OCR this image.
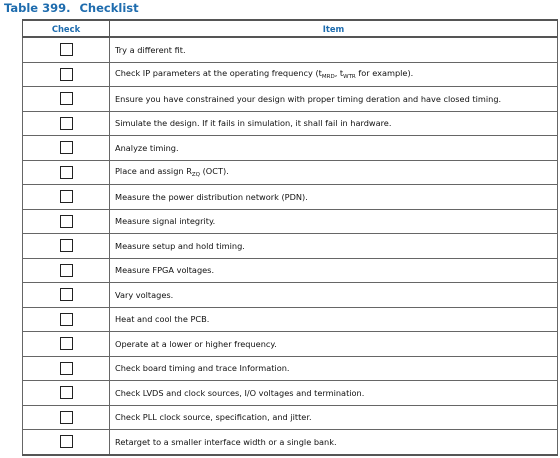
Table 399. Checklist
Check	Item
	Try a different fit.
	Check IP parameters at the operating frequency ($t_{MRD}$, $t_{WTR}$ for example).
	Ensure you have constrained your design with proper timing deration and have closed timing.
	Simulate the design. If it fails in simulation, it shall fail in hardware.
	Analyze timing.
	Place and assign $R_{ZQ}$ (OCT).
	Measure the power distribution network (PDN).
	Measure signal integrity.
	Measure setup and hold timing.
	Measure FPGA voltages.
	Vary voltages.
	Heat and cool the PCB.
	Operate at a lower or higher frequency.
	Check board timing and trace Information.
	Check LVDS and clock sources, I/O voltages and termination.
	Check PLL clock source, specification, and jitter.
	Retarget to a smaller interface width or a single bank.
